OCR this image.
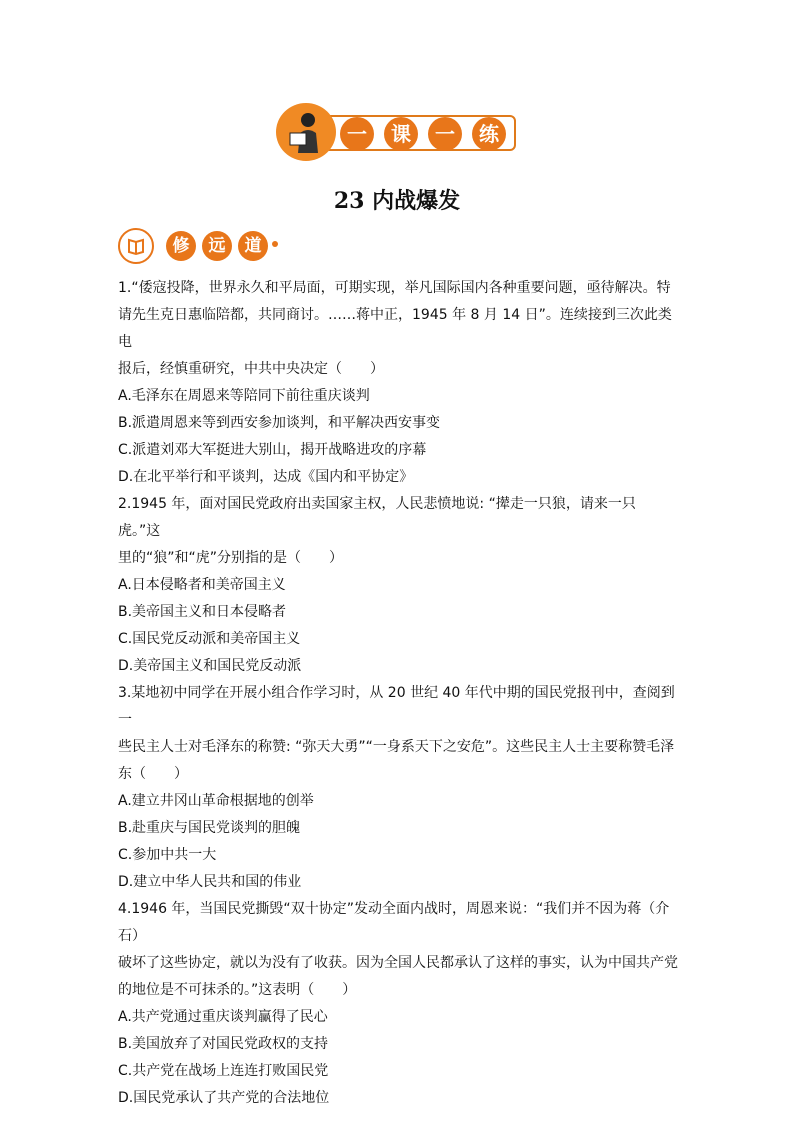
一	课	一	练
23 内战爆发
修	远	道

1.“倭寇投降，世界永久和平局面，可期实现，举凡国际国内各种重要问题，亟待解决。特

请先生克日惠临陪都，共同商讨。……蒋中正，1945 年 8 月 14 日”。连续接到三次此类电

报后，经慎重研究，中共中央决定（　　）

A.毛泽东在周恩来等陪同下前往重庆谈判

B.派遣周恩来等到西安参加谈判，和平解决西安事变

C.派遣刘邓大军挺进大别山，揭开战略进攻的序幕

D.在北平举行和平谈判，达成《国内和平协定》

2.1945 年，面对国民党政府出卖国家主权，人民悲愤地说: “撵走一只狼，请来一只虎。”这

里的“狼”和“虎”分别指的是（　　）

A.日本侵略者和美帝国主义

B.美帝国主义和日本侵略者

C.国民党反动派和美帝国主义

D.美帝国主义和国民党反动派

3.某地初中同学在开展小组合作学习时，从 20 世纪 40 年代中期的国民党报刊中，查阅到一

些民主人士对毛泽东的称赞: “弥天大勇”“一身系天下之安危”。这些民主人士主要称赞毛泽

东（　　）

A.建立井冈山革命根据地的创举

B.赴重庆与国民党谈判的胆魄

C.参加中共一大

D.建立中华人民共和国的伟业

4.1946 年，当国民党撕毁“双十协定”发动全面内战时，周恩来说：“我们并不因为蒋（介石）

破坏了这些协定，就以为没有了收获。因为全国人民都承认了这样的事实，认为中国共产党

的地位是不可抹杀的。”这表明（　　）

A.共产党通过重庆谈判赢得了民心

B.美国放弃了对国民党政权的支持

C.共产党在战场上连连打败国民党

D.国民党承认了共产党的合法地位
